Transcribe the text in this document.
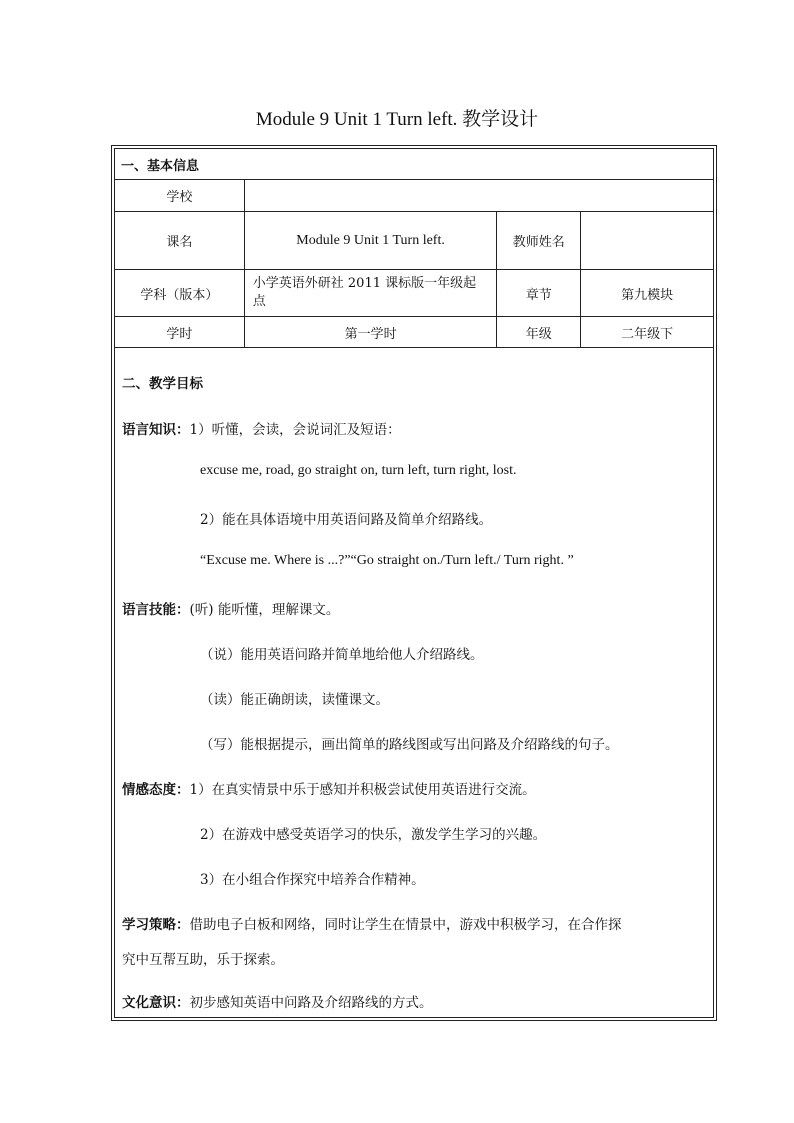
Module 9 Unit 1 Turn left. 教学设计
一、基本信息			
学校			
课名	Module 9 Unit 1 Turn left.	教师姓名	
学科（版本）	小学英语外研社 2011 课标版一年级起点	章节	第九模块
学时	第一学时	年级	二年级下
二、教学目标
语言知识：1）听懂，会读，会说词汇及短语：
excuse me, road, go straight on, turn left, turn right, lost.
2）能在具体语境中用英语问路及简单介绍路线。
“Excuse me. Where is ...?”“Go straight on./Turn left./ Turn right. ”
语言技能：(听) 能听懂，理解课文。
（说）能用英语问路并简单地给他人介绍路线。
（读）能正确朗读，读懂课文。
（写）能根据提示，画出简单的路线图或写出问路及介绍路线的句子。
情感态度：1）在真实情景中乐于感知并积极尝试使用英语进行交流。
2）在游戏中感受英语学习的快乐，激发学生学习的兴趣。
3）在小组合作探究中培养合作精神。
学习策略：借助电子白板和网络，同时让学生在情景中，游戏中积极学习，在合作探
究中互帮互助，乐于探索。
文化意识：初步感知英语中问路及介绍路线的方式。
